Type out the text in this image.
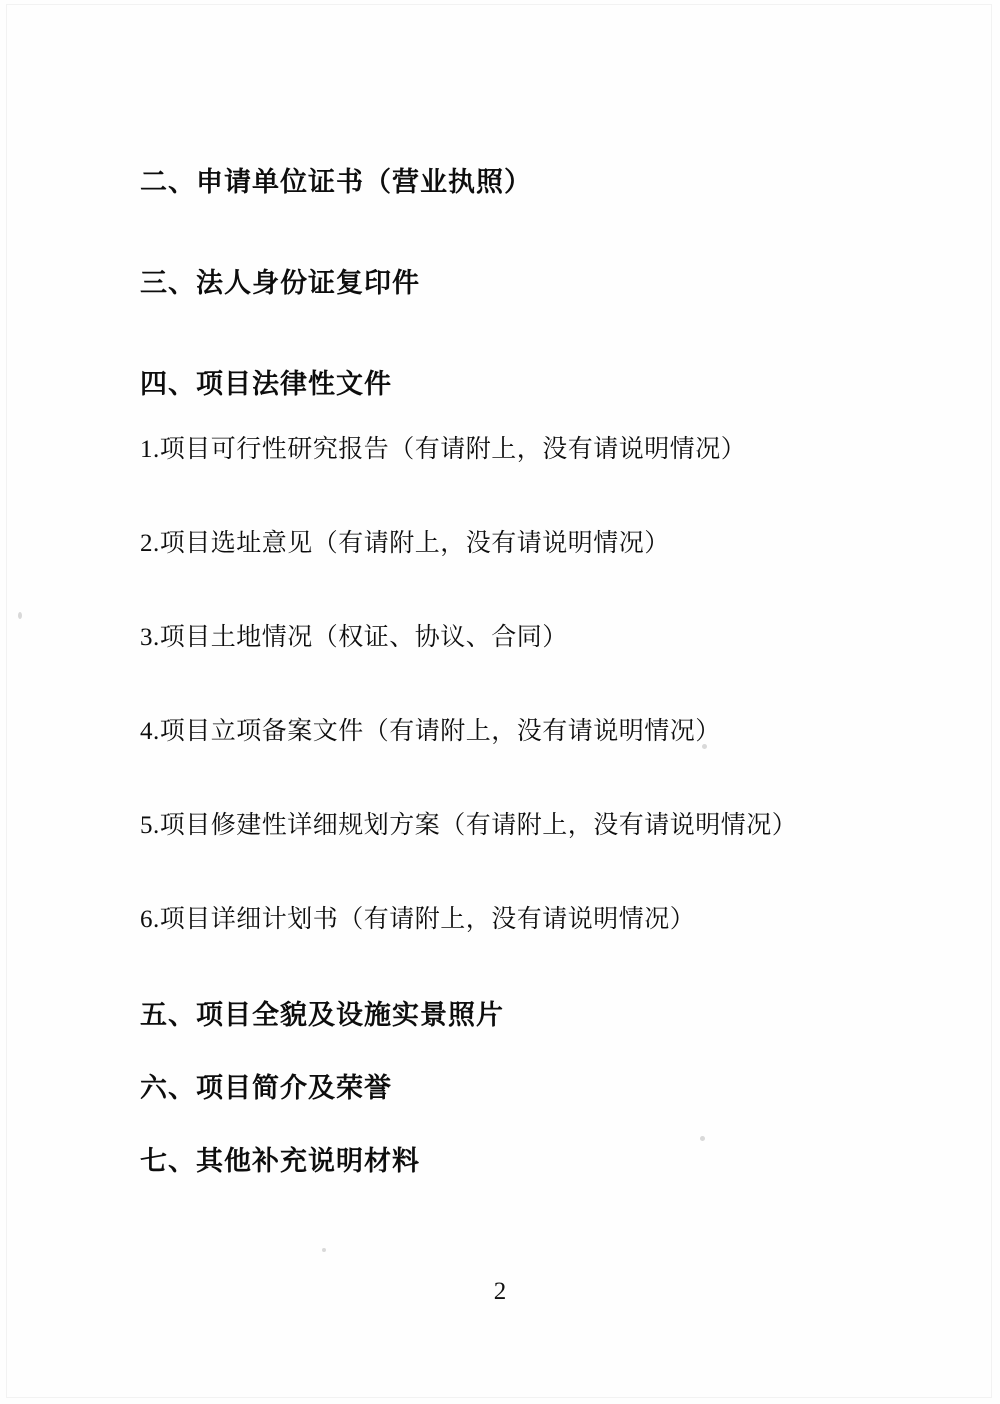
二、申请单位证书（营业执照）
三、法人身份证复印件
四、项目法律性文件
1.项目可行性研究报告（有请附上，没有请说明情况）
2.项目选址意见（有请附上，没有请说明情况）
3.项目土地情况（权证、协议、合同）
4.项目立项备案文件（有请附上，没有请说明情况）
5.项目修建性详细规划方案（有请附上，没有请说明情况）
6.项目详细计划书（有请附上，没有请说明情况）
五、项目全貌及设施实景照片
六、项目简介及荣誉
七、其他补充说明材料
2
